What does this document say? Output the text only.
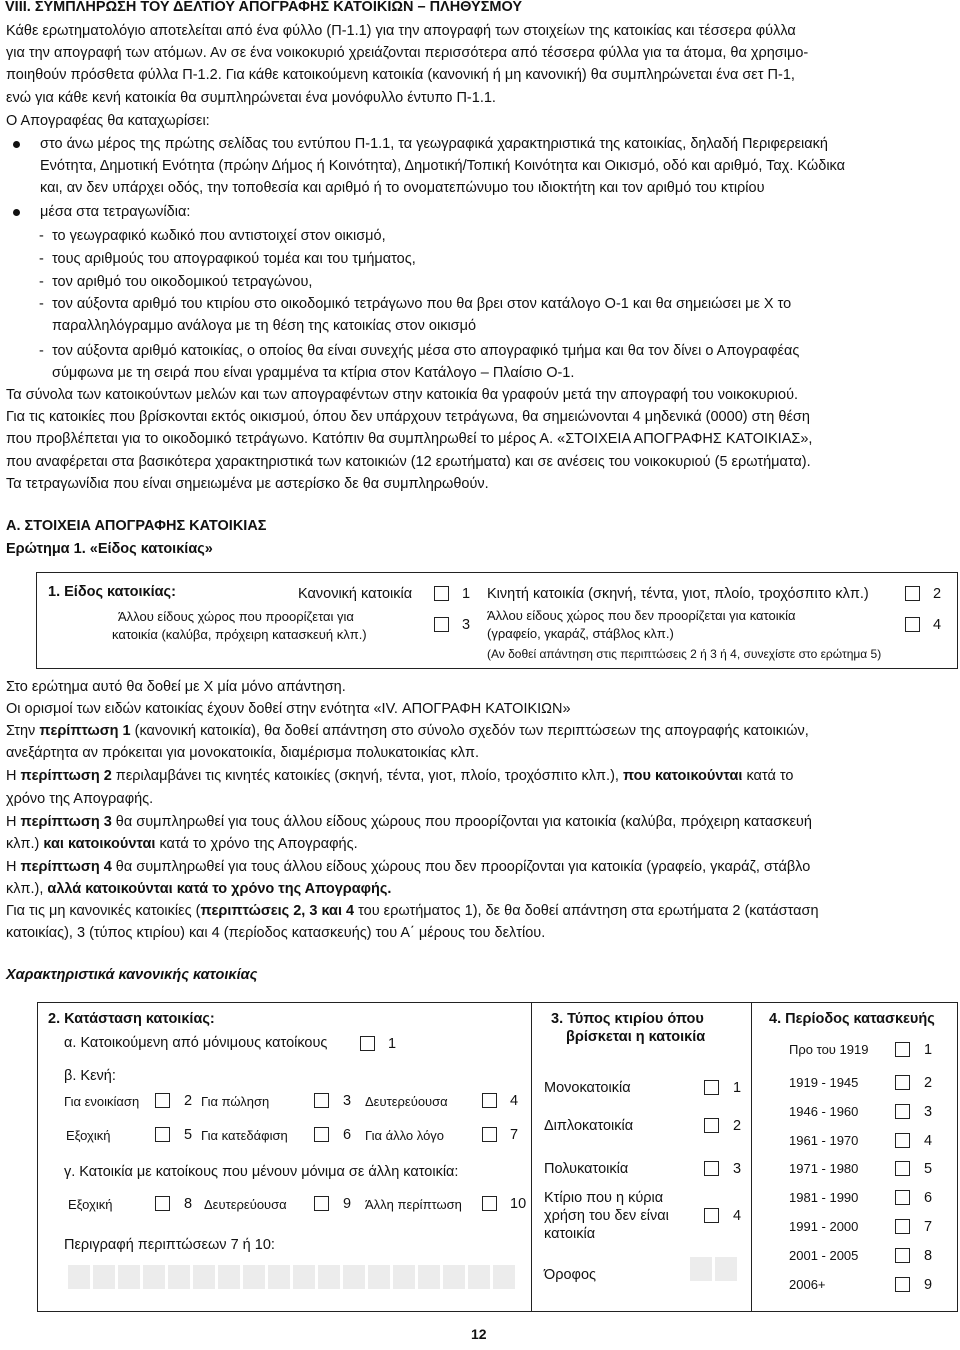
VIII. ΣΥΜΠΛΗΡΩΣΗ ΤΟΥ ΔΕΛΤΙΟΥ ΑΠΟΓΡΑΦΗΣ ΚΑΤΟΙΚΙΩΝ – ΠΛΗΘΥΣΜΟΥ

Κάθε ερωτηματολόγιο αποτελείται από ένα φύλλο (Π-1.1) για την απογραφή των στοιχείων της κατοικίας και τέσσερα φύλλα

για την απογραφή των ατόμων. Αν σε ένα νοικοκυριό χρειάζονται περισσότερα από τέσσερα φύλλα για τα άτομα, θα χρησιμο-

ποιηθούν πρόσθετα φύλλα Π-1.2. Για κάθε κατοικούμενη κατοικία (κανονική ή μη κανονική) θα συμπληρώνεται ένα σετ Π-1,

ενώ για κάθε κενή κατοικία θα συμπληρώνεται ένα μονόφυλλο έντυπο Π-1.1.

Ο Απογραφέας θα καταχωρίσει:

στο άνω μέρος της πρώτης σελίδας του εντύπου Π-1.1, τα γεωγραφικά χαρακτηριστικά της κατοικίας, δηλαδή Περιφερειακή

Ενότητα, Δημοτική Ενότητα (πρώην Δήμος ή Κοινότητα), Δημοτική/Τοπική Κοινότητα και Οικισμό, οδό και αριθμό, Ταχ. Κώδικα

και, αν δεν υπάρχει οδός, την τοποθεσία και αριθμό ή το ονοματεπώνυμο του ιδιοκτήτη και τον αριθμό του κτιρίου

μέσα στα τετραγωνίδια:

- το γεωγραφικό κωδικό που αντιστοιχεί στον οικισμό,

- τους αριθμούς του απογραφικού τομέα και του τμήματος,

- τον αριθμό του οικοδομικού τετραγώνου,

- τον αύξοντα αριθμό του κτιρίου στο οικοδομικό τετράγωνο που θα βρει στον κατάλογο Ο-1 και θα σημειώσει με Χ το

παραλληλόγραμμο ανάλογα με τη θέση της κατοικίας στον οικισμό

- τον αύξοντα αριθμό κατοικίας, ο οποίος θα είναι συνεχής μέσα στο απογραφικό τμήμα και θα τον δίνει ο Απογραφέας

σύμφωνα με τη σειρά που είναι γραμμένα τα κτίρια στον Κατάλογο – Πλαίσιο Ο-1.

Τα σύνολα των κατοικούντων μελών και των απογραφέντων στην κατοικία θα γραφούν μετά την απογραφή του νοικοκυριού.

Για τις κατοικίες που βρίσκονται εκτός οικισμού, όπου δεν υπάρχουν τετράγωνα, θα σημειώνονται 4 μηδενικά (0000) στη θέση

που προβλέπεται για το οικοδομικό τετράγωνο. Κατόπιν θα συμπληρωθεί το μέρος Α. «ΣΤΟΙΧΕΙΑ ΑΠΟΓΡΑΦΗΣ ΚΑΤΟΙΚΙΑΣ»,

που αναφέρεται στα βασικότερα χαρακτηριστικά των κατοικιών (12 ερωτήματα) και σε ανέσεις του νοικοκυριού (5 ερωτήματα).

Τα τετραγωνίδια που είναι σημειωμένα με αστερίσκο δε θα συμπληρωθούν.

Α. ΣΤΟΙΧΕΙΑ ΑΠΟΓΡΑΦΗΣ ΚΑΤΟΙΚΙΑΣ
Ερώτημα 1. «Είδος κατοικίας»
1. Είδος κατοικίας:	Κανονική κατοικία	1 Κινητή κατοικία (σκηνή, τέντα, γιοτ, πλοίο, τροχόσπιτο κλπ.)	2
Άλλου είδους χώρος που προορίζεται για
κατοικία (καλύβα, πρόχειρη κατασκευή κλπ.)
3
Άλλου είδους χώρος που δεν προορίζεται για κατοικία
(γραφείο, γκαράζ, στάβλος κλπ.)
4
(Αν δοθεί απάντηση στις περιπτώσεις 2 ή 3 ή 4, συνεχίστε στο ερώτημα 5)

Στο ερώτημα αυτό θα δοθεί με Χ μία μόνο απάντηση.

Οι ορισμοί των ειδών κατοικίας έχουν δοθεί στην ενότητα «IV. ΑΠΟΓΡΑΦΗ ΚΑΤΟΙΚΙΩΝ»

Στην περίπτωση 1 (κανονική κατοικία), θα δοθεί απάντηση στο σύνολο σχεδόν των περιπτώσεων της απογραφής κατοικιών,

ανεξάρτητα αν πρόκειται για μονοκατοικία, διαμέρισμα πολυκατοικίας κλπ.

Η περίπτωση 2 περιλαμβάνει τις κινητές κατοικίες (σκηνή, τέντα, γιοτ, πλοίο, τροχόσπιτο κλπ.), που κατοικούνται κατά το

χρόνο της Απογραφής.

Η περίπτωση 3 θα συμπληρωθεί για τους άλλου είδους χώρους που προορίζονται για κατοικία (καλύβα, πρόχειρη κατασκευή

κλπ.) και κατοικούνται κατά το χρόνο της Απογραφής.

Η περίπτωση 4 θα συμπληρωθεί για τους άλλου είδους χώρους που δεν προορίζονται για κατοικία (γραφείο, γκαράζ, στάβλο

κλπ.), αλλά κατοικούνται κατά το χρόνο της Απογραφής.

Για τις μη κανονικές κατοικίες (περιπτώσεις 2, 3 και 4 του ερωτήματος 1), δε θα δοθεί απάντηση στα ερωτήματα 2 (κατάσταση

κατοικίας), 3 (τύπος κτιρίου) και 4 (περίοδος κατασκευής) του Α΄ μέρους του δελτίου.

Χαρακτηριστικά κανονικής κατοικίας
2. Κατάσταση κατοικίας:
α. Κατοικούμενη από μόνιμους κατοίκους	1
β. Κενή:
Για ενοικίαση	2 Για πώληση	3 Δευτερεύουσα	4
Εξοχική	5 Για κατεδάφιση	6 Για άλλο λόγο	7
γ. Κατοικία με κατοίκους που μένουν μόνιμα σε άλλη κατοικία:
Εξοχική	8 Δευτερεύουσα	9 Άλλη περίπτωση	10
Περιγραφή περιπτώσεων 7 ή 10:
3. Τύπος κτιρίου όπου
βρίσκεται η κατοικία
Μονοκατοικία	1
Διπλοκατοικία	2
Πολυκατοικία	3
Κτίριο που η κύρια
χρήση του δεν είναι
κατοικία
4
Όροφος
4. Περίοδος κατασκευής
Προ του 1919	1
1919 - 1945	2
1946 - 1960	3
1961 - 1970	4
1971 - 1980	5
1981 - 1990	6
1991 - 2000	7
2001 - 2005	8
2006+	9
12
